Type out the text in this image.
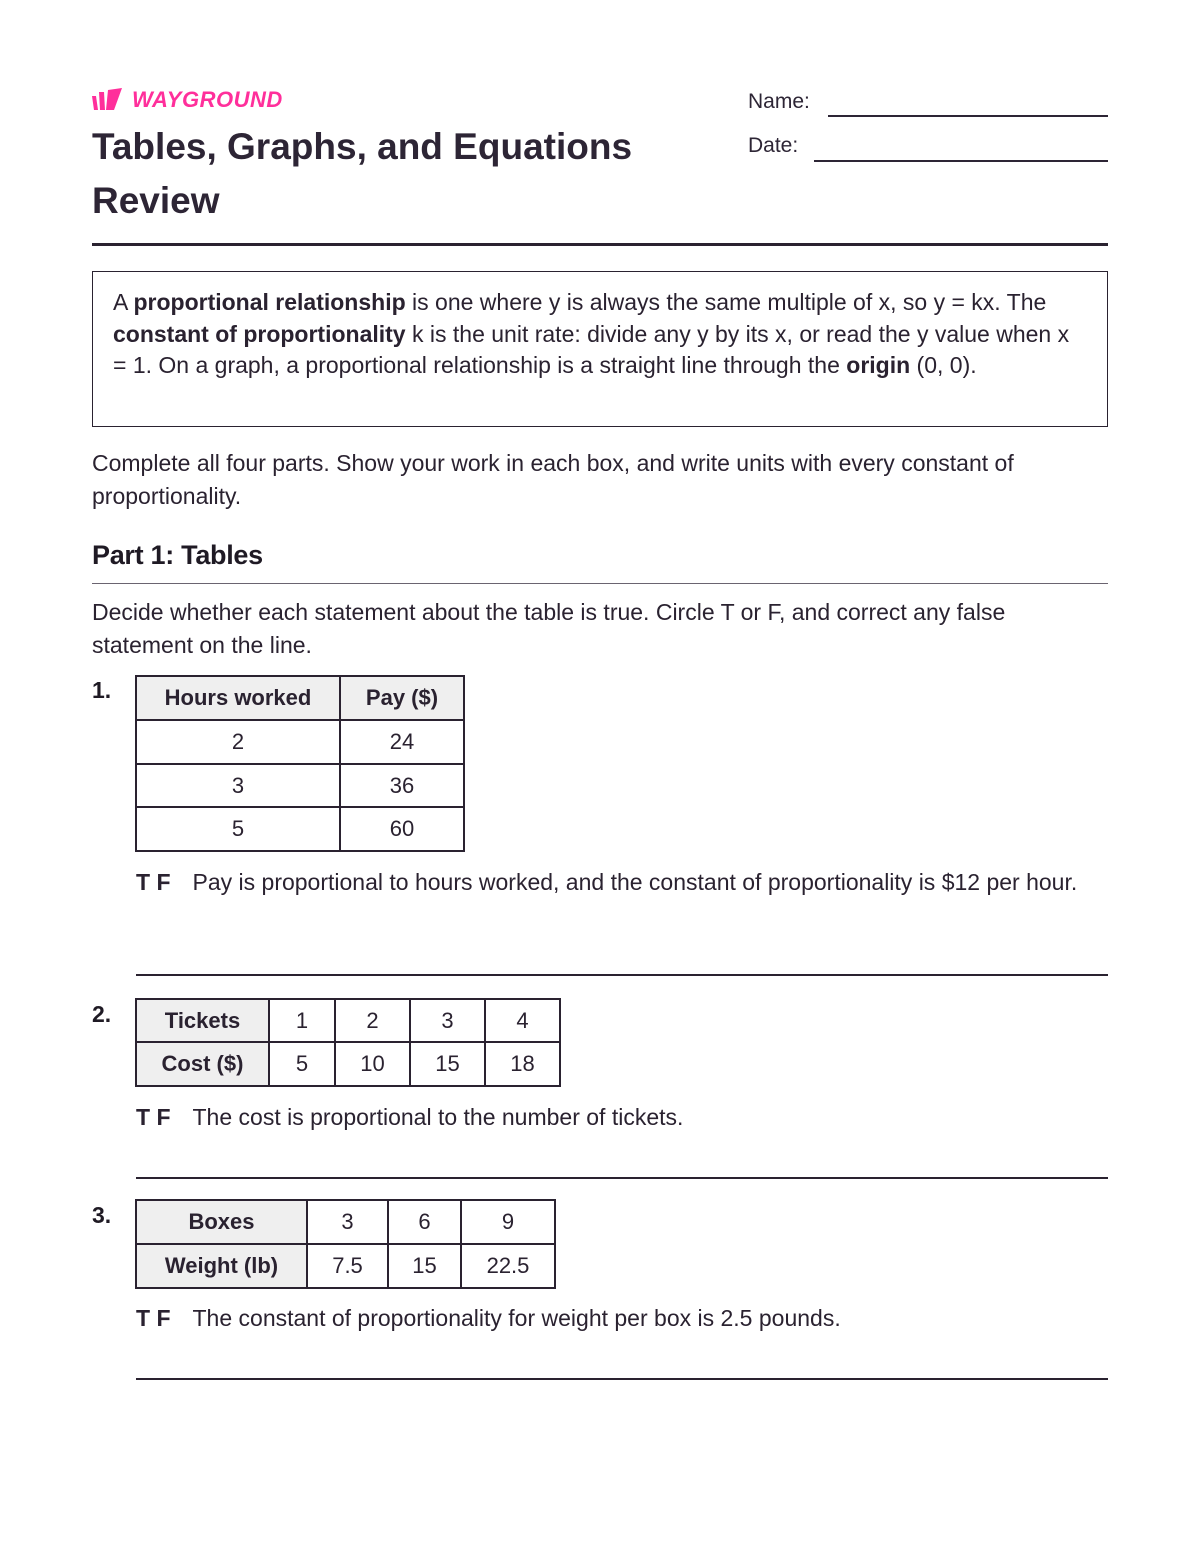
WAYGROUND
Tables, Graphs, and Equations
Review
Name:
Date:
A proportional relationship is one where y is always the same multiple of x, so y = kx. The constant of proportionality k is the unit rate: divide any y by its x, or read the y value when x = 1. On a graph, a proportional relationship is a straight line through the origin (0, 0).
Complete all four parts. Show your work in each box, and write units with every constant of proportionality.
Part 1: Tables
Decide whether each statement about the table is true. Circle T or F, and correct any false statement on the line.
1. Hours worked	Pay ($)
2	24
3	36
5	60
T F Pay is proportional to hours worked, and the constant of proportionality is $12 per hour.
2. Tickets	1	2	3	4
Cost ($)	5	10	15	18
T F The cost is proportional to the number of tickets.
3.	Boxes	3	6	9
Weight (lb)	7.5	15	22.5
T F The constant of proportionality for weight per box is 2.5 pounds.
